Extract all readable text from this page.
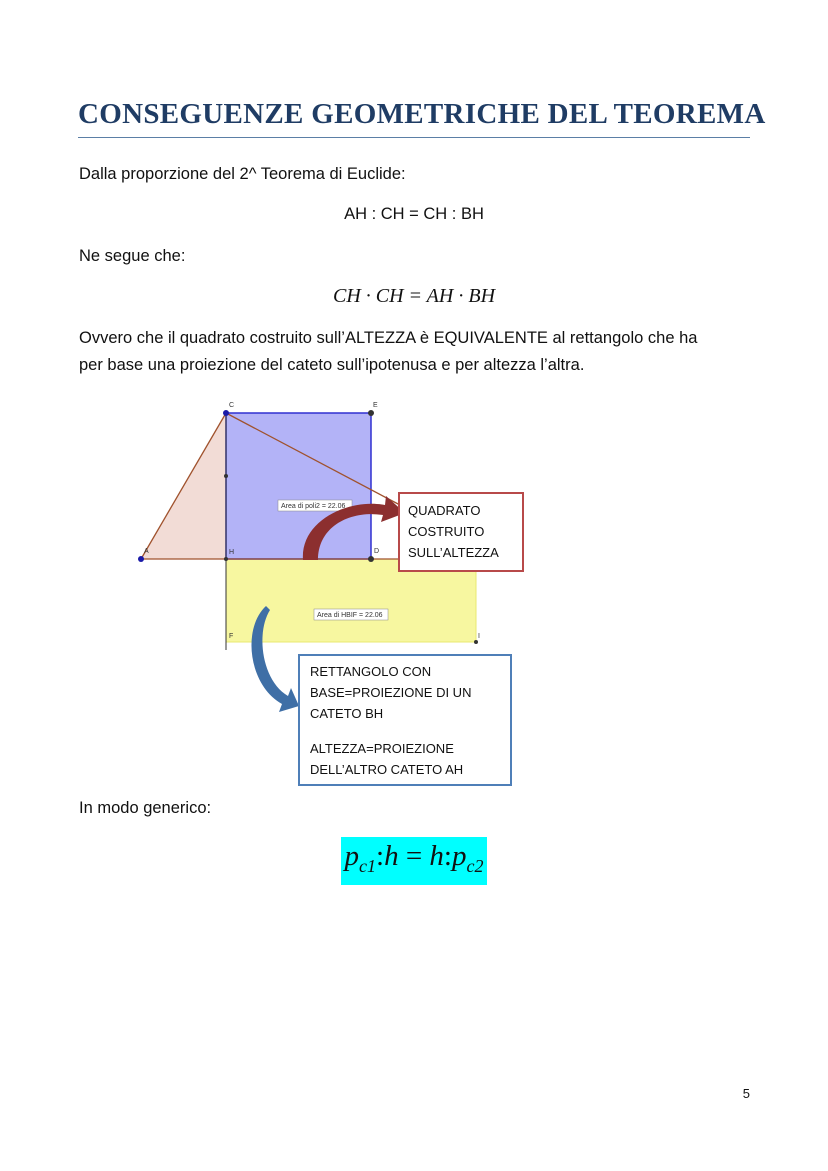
CONSEGUENZE GEOMETRICHE DEL TEOREMA
Dalla proporzione del 2^ Teorema di Euclide:
AH : CH = CH : BH
Ne segue che:
CH · CH = AH · BH
Ovvero che il quadrato costruito sull’ALTEZZA è EQUIVALENTE al rettangolo che ha
per base una proiezione del cateto sull’ipotenusa e per altezza l’altra.
A
C	E
H	D
F	I
Area di poli2 = 22.06
Area di HBIF = 22.06
QUADRATO
COSTRUITO
SULL’ALTEZZA
RETTANGOLO CON
BASE=PROIEZIONE DI UN
CATETO BH
ALTEZZA=PROIEZIONE
DELL’ALTRO CATETO AH
In modo generico:
$p_{c1}:h$ = $h:p_{c2}$
5
